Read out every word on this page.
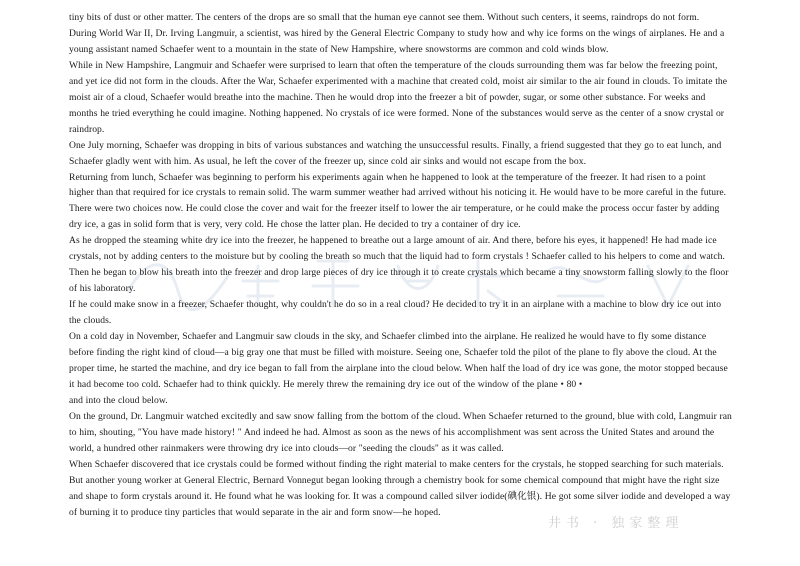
tiny bits of dust or other matter. The centers of the drops are so small that the human eye cannot see them. Without such centers, it seems, raindrops do not form.

During World War II, Dr. Irving Langmuir, a scientist, was hired by the General Electric Company to study how and why ice forms on the wings of airplanes. He and a young assistant named Schaefer went to a mountain in the state of New Hampshire, where snowstorms are common and cold winds blow.

While in New Hampshire, Langmuir and Schaefer were surprised to learn that often the temperature of the clouds surrounding them was far below the freezing point, and yet ice did not form in the clouds. After the War, Schaefer experimented with a machine that created cold, moist air similar to the air found in clouds. To imitate the moist air of a cloud, Schaefer would breathe into the machine. Then he would drop into the freezer a bit of powder, sugar, or some other substance. For weeks and months he tried everything he could imagine. Nothing happened. No crystals of ice were formed. None of the substances would serve as the center of a snow crystal or raindrop.

One July morning, Schaefer was dropping in bits of various substances and watching the unsuccessful results. Finally, a friend suggested that they go to eat lunch, and Schaefer gladly went with him. As usual, he left the cover of the freezer up, since cold air sinks and would not escape from the box.

Returning from lunch, Schaefer was beginning to perform his experiments again when he happened to look at the temperature of the freezer. It had risen to a point higher than that required for ice crystals to remain solid. The warm summer weather had arrived without his noticing it. He would have to be more careful in the future.

There were two choices now. He could close the cover and wait for the freezer itself to lower the air temperature, or he could make the process occur faster by adding dry ice, a gas in solid form that is very, very cold. He chose the latter plan. He decided to try a container of dry ice.

As he dropped the steaming white dry ice into the freezer, he happened to breathe out a large amount of air. And there, before his eyes, it happened! He had made ice crystals, not by adding centers to the moisture but by cooling the breath so much that the liquid had to form crystals ! Schaefer called to his helpers to come and watch. Then he began to blow his breath into the freezer and drop large pieces of dry ice through it to create crystals which became a tiny snowstorm falling slowly to the floor of his laboratory.

If he could make snow in a freezer, Schaefer thought, why couldn't he do so in a real cloud? He decided to try it in an airplane with a machine to blow dry ice out into the clouds.

On a cold day in November, Schaefer and Langmuir saw clouds in the sky, and Schaefer climbed into the airplane. He realized he would have to fly some distance before finding the right kind of cloud—a big gray one that must be filled with moisture. Seeing one, Schaefer told the pilot of the plane to fly above the cloud. At the proper time, he started the machine, and dry ice began to fall from the airplane into the cloud below. When half the load of dry ice was gone, the motor stopped because it had become too cold. Schaefer had to think quickly. He merely threw the remaining dry ice out of the window of the plane • 80 •

and into the cloud below.

On the ground, Dr. Langmuir watched excitedly and saw snow falling from the bottom of the cloud. When Schaefer returned to the ground, blue with cold, Langmuir ran to him, shouting, "You have made history! " And indeed he had. Almost as soon as the news of his accomplishment was sent across the United States and around the world, a hundred other rainmakers were throwing dry ice into clouds—or "seeding the clouds" as it was called.

When Schaefer discovered that ice crystals could be formed without finding the right material to make centers for the crystals, he stopped searching for such materials. But another young worker at General Electric, Bernard Vonnegut began looking through a chemistry book for some chemical compound that might have the right size and shape to form crystals around it. He found what he was looking for. It was a compound called silver iodide(碘化银). He got some silver iodide and developed a way of burning it to produce tiny particles that would separate in the air and form snow—he hoped.

井书 · 独家整理
